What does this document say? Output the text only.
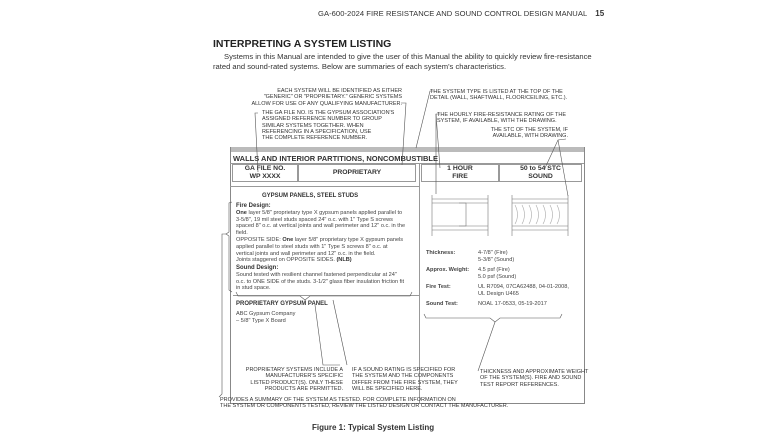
GA-600-2024 FIRE RESISTANCE AND SOUND CONTROL DESIGN MANUAL 15
INTERPRETING A SYSTEM LISTING
Systems in this Manual are intended to give the user of this Manual the ability to quickly review fire-resistance
rated and sound-rated systems. Below are summaries of each system's characteristics.
EACH SYSTEM WILL BE IDENTIFIED AS EITHER
"GENERIC" OR "PROPRIETARY." GENERIC SYSTEMS
ALLOW FOR USE OF ANY QUALIFYING MANUFACTURER.
THE GA FILE NO. IS THE GYPSUM ASSOCIATION'S
ASSIGNED REFERENCE NUMBER TO GROUP
SIMILAR SYSTEMS TOGETHER. WHEN
REFERENCING IN A SPECIFICATION, USE
THE COMPLETE REFERENCE NUMBER.
THE SYSTEM TYPE IS LISTED AT THE TOP OF THE
DETAIL (WALL, SHAFTWALL, FLOOR/CEILING, ETC.).
THE HOURLY FIRE-RESISTANCE RATING OF THE
SYSTEM, IF AVAILABLE, WITH THE DRAWING.
THE STC OF THE SYSTEM, IF
AVAILABLE, WITH DRAWING.
WALLS AND INTERIOR PARTITIONS, NONCOMBUSTIBLE
GA FILE NO.
WP XXXX
PROPRIETARY
1 HOUR
FIRE
50 to 54 STC
SOUND
GYPSUM PANELS, STEEL STUDS
Fire Design:
One layer 5/8" proprietary type X gypsum panels applied parallel to 3-5/8", 19 mil steel studs spaced 24" o.c. with 1" Type S screws spaced 8" o.c. at vertical joints and wall perimeter and 12" o.c. in the field.
OPPOSITE SIDE: One layer 5/8" proprietary type X gypsum panels applied parallel to steel studs with 1" Type S screws 8" o.c. at vertical joints and wall perimeter and 12" o.c. in the field.
Joints staggered on OPPOSITE SIDES. (NLB)
Sound Design:
Sound tested with resilient channel fastened perpendicular at 24" o.c. to ONE SIDE of the studs. 3-1/2" glass fiber insulation friction fit in stud space.
PROPRIETARY GYPSUM PANEL
ABC Gypsum Company
– 5/8" Type X Board
Thickness:	4-7/8" (Fire)
5-3/8" (Sound)
Approx. Weight: 4.5 psf (Fire)
5.0 psf (Sound)
Fire Test:	UL R7094, 07CA62488, 04-01-2008,
UL Design U465
Sound Test:	NOAL 17-0533, 05-19-2017
PROPRIETARY SYSTEMS INCLUDE A
MANUFACTURER'S SPECIFIC
LISTED PRODUCT(S). ONLY THESE
PRODUCTS ARE PERMITTED.
IF A SOUND RATING IS SPECIFIED FOR
THE SYSTEM AND THE COMPONENTS
DIFFER FROM THE FIRE SYSTEM, THEY
WILL BE SPECIFIED HERE.
THICKNESS AND APPROXIMATE WEIGHT
OF THE SYSTEM(S). FIRE AND SOUND
TEST REPORT REFERENCES.
PROVIDES A SUMMARY OF THE SYSTEM AS TESTED. FOR COMPLETE INFORMATION ON
THE SYSTEM OR COMPONENTS TESTED, REVIEW THE LISTED DESIGN OR CONTACT THE MANUFACTURER.
Figure 1: Typical System Listing
